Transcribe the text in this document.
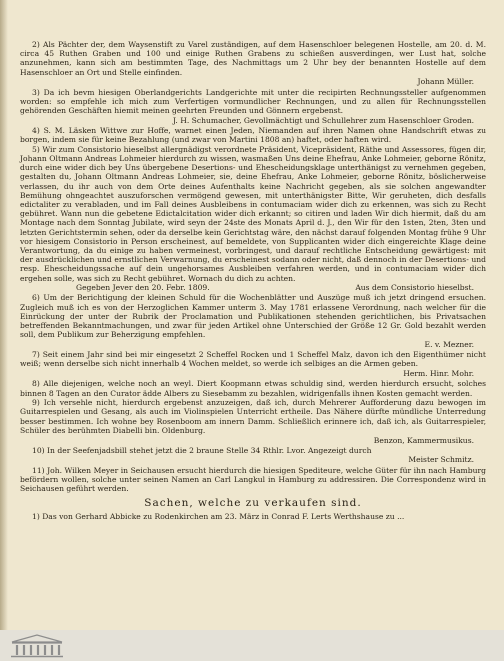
2) Als Pächter der, dem Waysenstift zu Varel zuständigen, auf dem Hasenschloer belegenen Hostelle, am 20. d. M. circa 45 Ruthen Graben und 100 und einige Ruthen Grabens zu schießen ausverdingen, wer Lust hat, solche anzunehmen, kann sich am bestimmten Tage, des Nachmittags um 2 Uhr bey der benannten Hostelle auf dem Hasenschloer an Ort und Stelle einfinden.

Johann Müller.

3) Da ich bevm hiesigen Oberlandgerichts Landgerichte mit unter die recipirten Rechnungssteller aufgenommen worden: so empfehle ich mich zum Verfertigen vormundlicher Rechnungen, und zu allen für Rechnungsstellen gehörenden Geschäften hiemit meinen geehrten Freunden und Gönnern ergebenst.

J. H. Schumacher, Gevollmächtigt und Schullehrer zum Hasenschloer Groden.

4) S. M. Läsken Wittwe zur Hoffe, warnet einen Jeden, Niemanden auf ihren Namen ohne Handschrift etwas zu borgen, indem sie für keine Bezahlung (und zwar von Martini 1808 an) haftet, oder haften wird.

5) Wir zum Consistorio hieselbst allergnädigst verordnete Präsident, Vicepräsident, Räthe und Assessores, fügen dir, Johann Oltmann Andreas Lohmeier hierdurch zu wissen, wasmaßen Uns deine Ehefrau, Anke Lohmeier, geborne Rönitz, durch eine wider dich bey Uns übergebene Desertions- und Ehescheidungsklage unterthänigst zu vernehmen gegeben, gestalten du, Johann Oltmann Andreas Lohmeier, sie, deine Ehefrau, Anke Lohmeier, geborne Rönitz, böslicherweise verlassen, du ihr auch von dem Orte deines Aufenthalts keine Nachricht gegeben, als sie solchen angewandter Bemühung ohngeachtet auszuforschen vermögend gewesen, mit unterthänigster Bitte, Wir geruheten, dich desfalls edictaliter zu verabladen, und im Fall deines Ausbleibens in contumaciam wider dich zu erkennen, was sich zu Recht gebühret. Wann nun die gebetene Edictalcitation wider dich erkannt; so citiren und laden Wir dich hiermit, daß du am Montage nach dem Sonntag Jubilate, wird seyn der 24ste des Monats April d. J., den Wir für den 1sten, 2ten, 3ten und letzten Gerichtstermin sehen, oder da derselbe kein Gerichtstag wäre, den nächst darauf folgenden Montag frühe 9 Uhr vor hiesigem Consistorio in Person erscheinest, auf bemeldete, von Supplicanten wider dich eingereichte Klage deine Verantwortung, da du einige zu haben vermeinest, vorbringest, und darauf rechtliche Entscheidung gewärtigest: mit der ausdrücklichen und ernstlichen Verwarnung, du erscheinest sodann oder nicht, daß dennoch in der Desertions- und resp. Ehescheidungssache auf dein ungehorsames Ausbleiben verfahren werden, und in contumaciam wider dich ergehen solle, was sich zu Recht gebühret. Wornach du dich zu achten.

Gegeben Jever den 20. Febr. 1809.	Aus dem Consistorio hieselbst.

6) Um der Berichtigung der kleinen Schuld für die Wochenblätter und Auszüge muß ich jetzt dringend ersuchen. Zugleich muß ich es von der Herzoglichen Kammer unterm 3. May 1781 erlassene Verordnung, nach welcher für die Einrückung der unter der Rubrik der Proclamation und Publikationen stehenden gerichtlichen, bis Privatsachen betreffenden Bekanntmachungen, und zwar für jeden Artikel ohne Unterschied der Größe 12 Gr. Gold bezahlt werden soll, dem Publikum zur Beherzigung empfehlen.

E. v. Mezner.

7) Seit einem Jahr sind bei mir eingesetzt 2 Scheffel Rocken und 1 Scheffel Malz, davon ich den Eigenthümer nicht weiß; wenn derselbe sich nicht innerhalb 4 Wochen meldet, so werde ich selbiges an die Armen geben.

Herm. Hinr. Mohr.

8) Alle diejenigen, welche noch an weyl. Diert Koopmann etwas schuldig sind, werden hierdurch ersucht, solches binnen 8 Tagen an den Curator ädde Albers zu Siesebamm zu bezahlen, widrigenfalls ihnen Kosten gemacht werden.

9) Ich versehle nicht, hierdurch ergebenst anzuzeigen, daß ich, durch Mehrerer Aufforderung dazu bewogen im Guitarrespielen und Gesang, als auch im Violinspielen Unterricht ertheile. Das Nähere dürfte mündliche Unterredung besser bestimmen. Ich wohne bey Rosenboom am innern Damm. Schließlich erinnere ich, daß ich, als Guitarrespieler, Schüler des berühmten Diabelli bin. Oldenburg.

Benzon, Kammermusikus.

10) In der Seefenjadsbill stehet jetzt die 2 braune Stelle 34 Rthlr. Lvor. Angezeigt durch

Meister Schmitz.

11) Joh. Wilken Meyer in Seichausen ersucht hierdurch die hiesigen Spediteure, welche Güter für ihn nach Hamburg befördern wollen, solche unter seinen Namen an Carl Langkul in Hamburg zu addressiren. Die Correspondenz wird in Seichausen geführt werden.

Sachen, welche zu verkaufen sind.

1) Das von Gerhard Abbicke zu Rodenkirchen am 23. März in Conrad F. Lerts Werthshause zu ...
